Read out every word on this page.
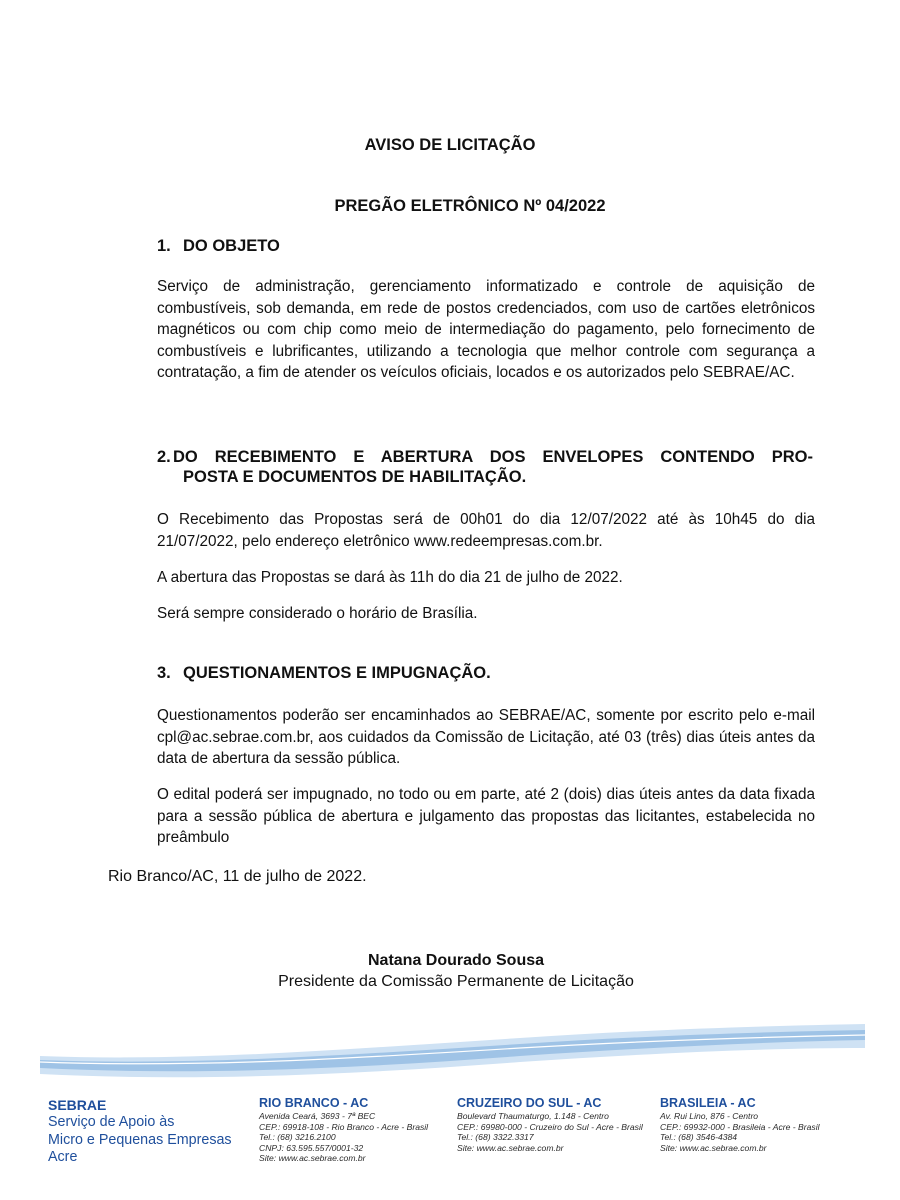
AVISO DE LICITAÇÃO
PREGÃO ELETRÔNICO Nº 04/2022
1. DO OBJETO
Serviço de administração, gerenciamento informatizado e controle de aquisição de combustíveis, sob demanda, em rede de postos credenciados, com uso de cartões eletrônicos magnéticos ou com chip como meio de intermediação do pagamento, pelo fornecimento de combustíveis e lubrificantes, utilizando a tecnologia que melhor controle com segurança a contratação, a fim de atender os veículos oficiais, locados e os autorizados pelo SEBRAE/AC.
2. DO RECEBIMENTO E ABERTURA DOS ENVELOPES CONTENDO PRO-
POSTA E DOCUMENTOS DE HABILITAÇÃO.
O Recebimento das Propostas será de 00h01 do dia 12/07/2022 até às 10h45 do dia 21/07/2022, pelo endereço eletrônico www.redeempresas.com.br.
A abertura das Propostas se dará às 11h do dia 21 de julho de 2022.
Será sempre considerado o horário de Brasília.
3. QUESTIONAMENTOS E IMPUGNAÇÃO.
Questionamentos poderão ser encaminhados ao SEBRAE/AC, somente por escrito pelo e-mail cpl@ac.sebrae.com.br, aos cuidados da Comissão de Licitação, até 03 (três) dias úteis antes da data de abertura da sessão pública.
O edital poderá ser impugnado, no todo ou em parte, até 2 (dois) dias úteis antes da data fixada para a sessão pública de abertura e julgamento das propostas das licitantes, estabelecida no preâmbulo
Rio Branco/AC, 11 de julho de 2022.
Natana Dourado Sousa
Presidente da Comissão Permanente de Licitação
SEBRAE
Serviço de Apoio às
Micro e Pequenas Empresas
Acre
RIO BRANCO - AC
Avenida Ceará, 3693 - 7ª BEC
CEP.: 69918-108 - Rio Branco - Acre - Brasil
Tel.: (68) 3216.2100
CNPJ: 63.595.557/0001-32
Site: www.ac.sebrae.com.br
CRUZEIRO DO SUL - AC
Boulevard Thaumaturgo, 1.148 - Centro
CEP.: 69980-000 - Cruzeiro do Sul - Acre - Brasil
Tel.: (68) 3322.3317
Site: www.ac.sebrae.com.br
BRASILEIA - AC
Av. Rui Lino, 876 - Centro
CEP.: 69932-000 - Brasileia - Acre - Brasil
Tel.: (68) 3546-4384
Site: www.ac.sebrae.com.br
